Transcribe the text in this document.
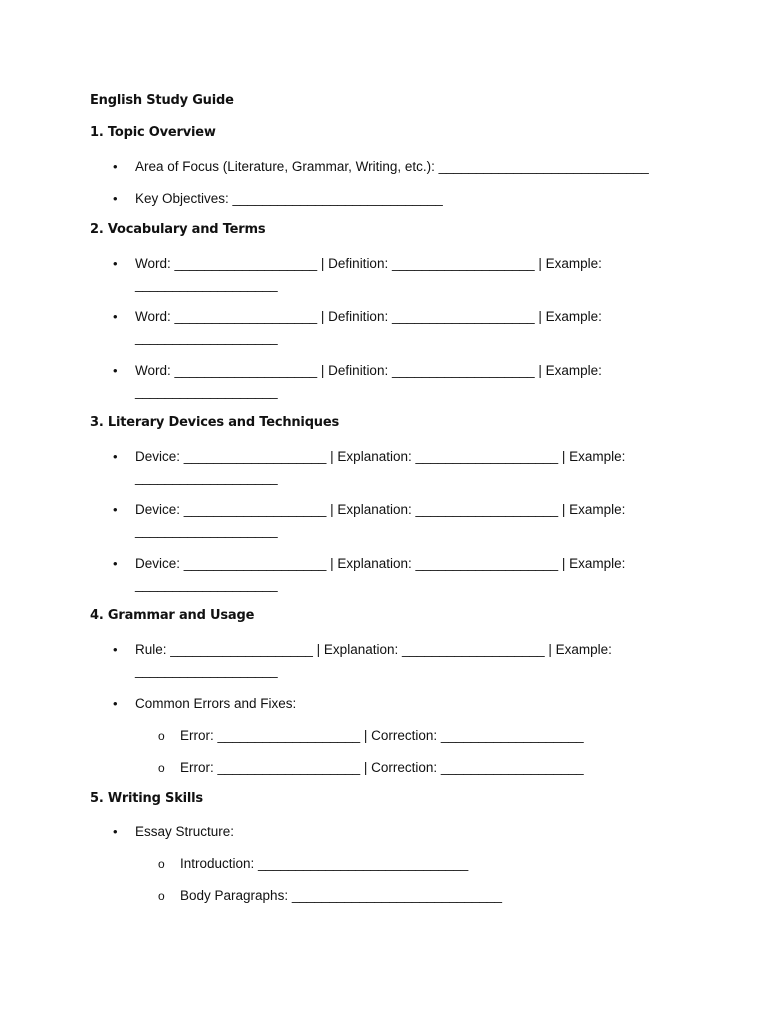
English Study Guide
1. Topic Overview
•	Area of Focus (Literature, Grammar, Writing, etc.): ____________________________
•	Key Objectives: ____________________________
2. Vocabulary and Terms
•	Word: ___________________ | Definition: ___________________ | Example:
___________________
•	Word: ___________________ | Definition: ___________________ | Example:
___________________
•	Word: ___________________ | Definition: ___________________ | Example:
___________________
3. Literary Devices and Techniques
•	Device: ___________________ | Explanation: ___________________ | Example:
___________________
•	Device: ___________________ | Explanation: ___________________ | Example:
___________________
•	Device: ___________________ | Explanation: ___________________ | Example:
___________________
4. Grammar and Usage
•	Rule: ___________________ | Explanation: ___________________ | Example:
___________________
•	Common Errors and Fixes:
o Error: ___________________ | Correction: ___________________
o Error: ___________________ | Correction: ___________________
5. Writing Skills
•	Essay Structure:
o Introduction: ____________________________
o Body Paragraphs: ____________________________
